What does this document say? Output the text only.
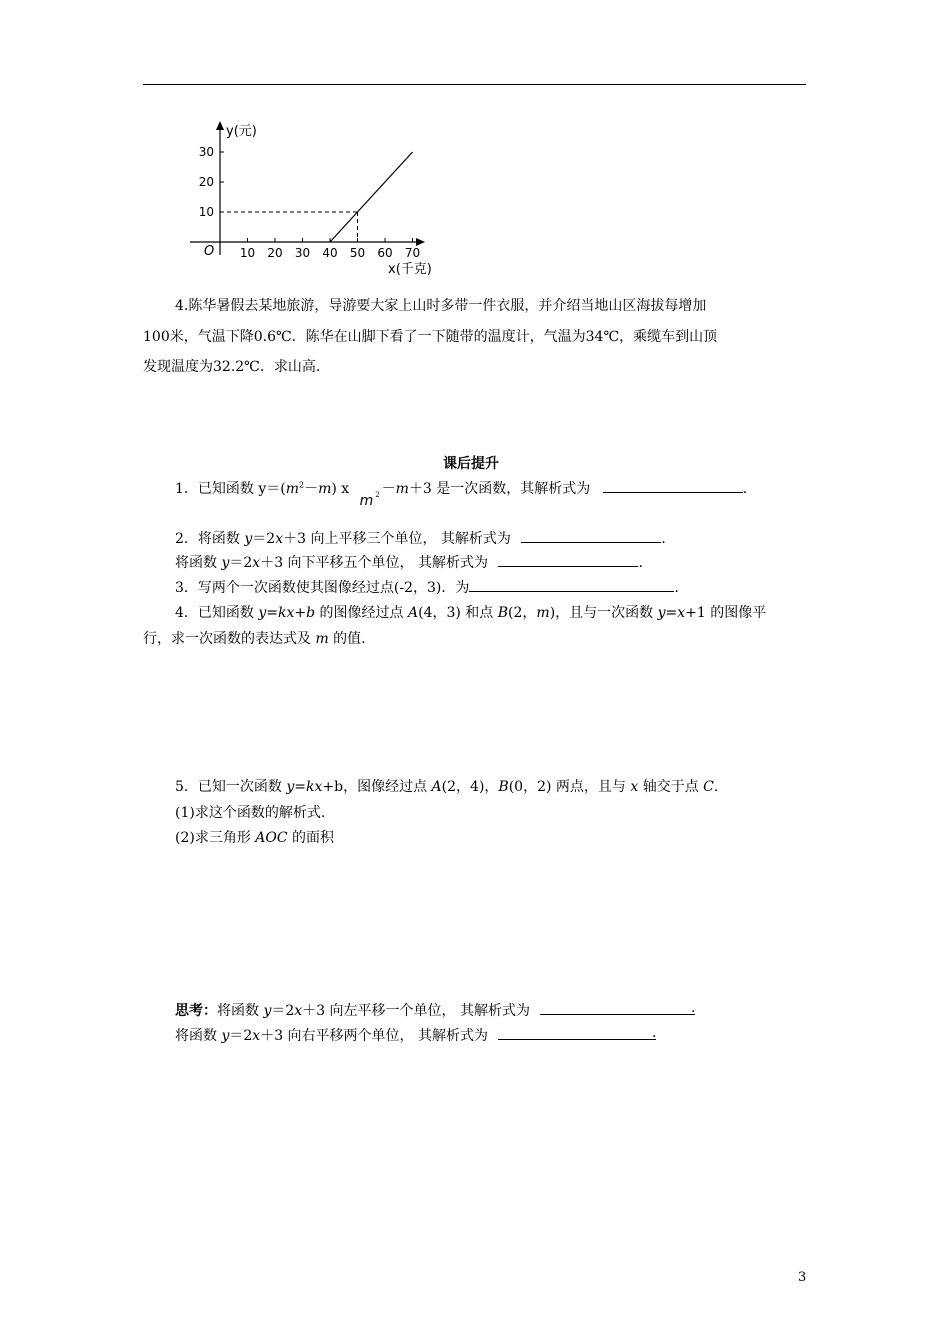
y(元)
x(千克)
O 10 20 30 40 50 60 70
10
20
30
4.陈华暑假去某地旅游，导游要大家上山时多带一件衣服，并介绍当地山区海拔每增加
100米，气温下降0.6℃．陈华在山脚下看了一下随带的温度计，气温为34℃，乘缆车到山顶
发现温度为32.2℃．求山高.
课后提升
1．已知函数 $y=(m^2-m)$ x m $_2$ －m＋3 是一次函数，其解析式为	.
2．将函数 y＝2x＋3 向上平移三个单位， 其解析式为	.
将函数 y＝2x＋3 向下平移五个单位， 其解析式为	.
3．写两个一次函数使其图像经过点(-2，3)．为	.
4．已知函数 y=kx+b 的图像经过点 A(4，3) 和点 B(2，m)，且与一次函数 y=x+1 的图像平
行，求一次函数的表达式及 m 的值.
5．已知一次函数 y=kx+b，图像经过点 A(2，4)，B(0，2) 两点，且与 x 轴交于点 C.
(1)求这个函数的解析式.
(2)求三角形 AOC 的面积
思考：将函数 y＝2x＋3 向左平移一个单位， 其解析式为	.
将函数 y＝2x＋3 向右平移两个单位， 其解析式为	.
3
